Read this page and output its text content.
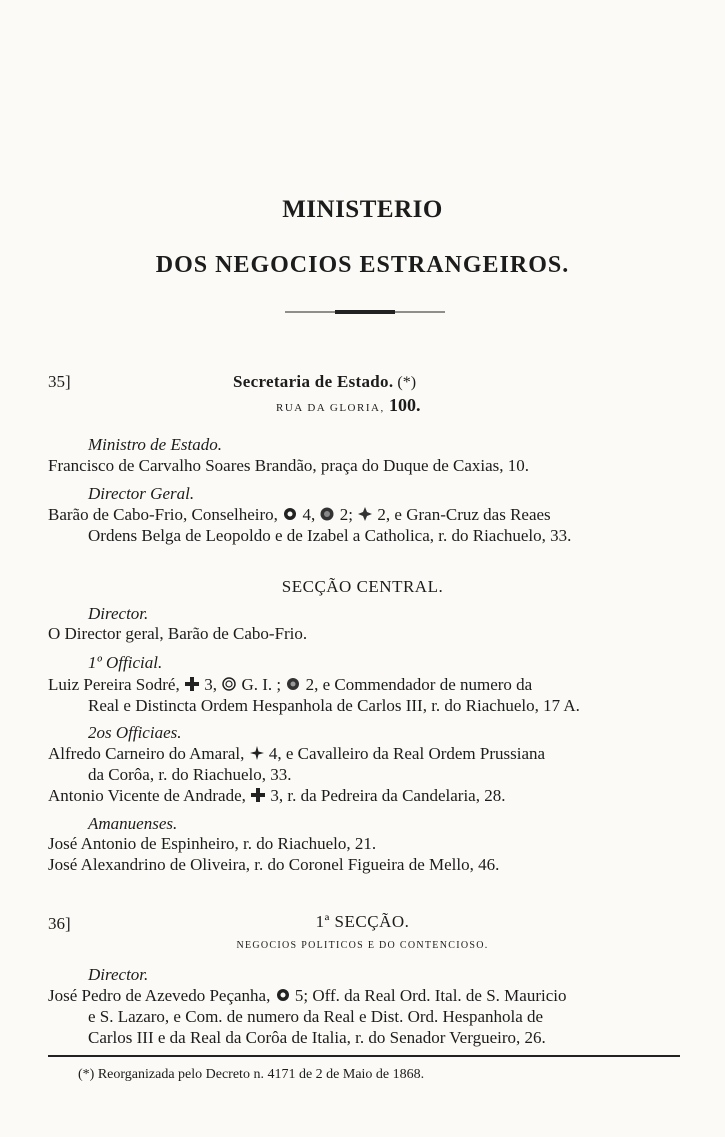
MINISTERIO
DOS NEGOCIOS ESTRANGEIROS.
35]	Secretaria de Estado. (*)
RUA DA GLORIA, 100.
Ministro de Estado.
Francisco de Carvalho Soares Brandão, praça do Duque de Caxias, 10.
Director Geral.
Barão de Cabo-Frio, Conselheiro, 4, 2; 2, e Gran-Cruz das Reaes
Ordens Belga de Leopoldo e de Izabel a Catholica, r. do Riachuelo, 33.
SECÇÃO CENTRAL.
Director.
O Director geral, Barão de Cabo-Frio.
1º Official.
Luiz Pereira Sodré, 3, G. I. ; 2, e Commendador de numero da
Real e Distincta Ordem Hespanhola de Carlos III, r. do Riachuelo, 17 A.
2os Officiaes.
Alfredo Carneiro do Amaral, 4, e Cavalleiro da Real Ordem Prussiana
da Corôa, r. do Riachuelo, 33.
Antonio Vicente de Andrade, 3, r. da Pedreira da Candelaria, 28.
Amanuenses.
José Antonio de Espinheiro, r. do Riachuelo, 21.
José Alexandrino de Oliveira, r. do Coronel Figueira de Mello, 46.
36]	1ª SECÇÃO.
NEGOCIOS POLITICOS E DO CONTENCIOSO.
Director.
José Pedro de Azevedo Peçanha, 5; Off. da Real Ord. Ital. de S. Mauricio
e S. Lazaro, e Com. de numero da Real e Dist. Ord. Hespanhola de
Carlos III e da Real da Corôa de Italia, r. do Senador Vergueiro, 26.
(*) Reorganizada pelo Decreto n. 4171 de 2 de Maio de 1868.
